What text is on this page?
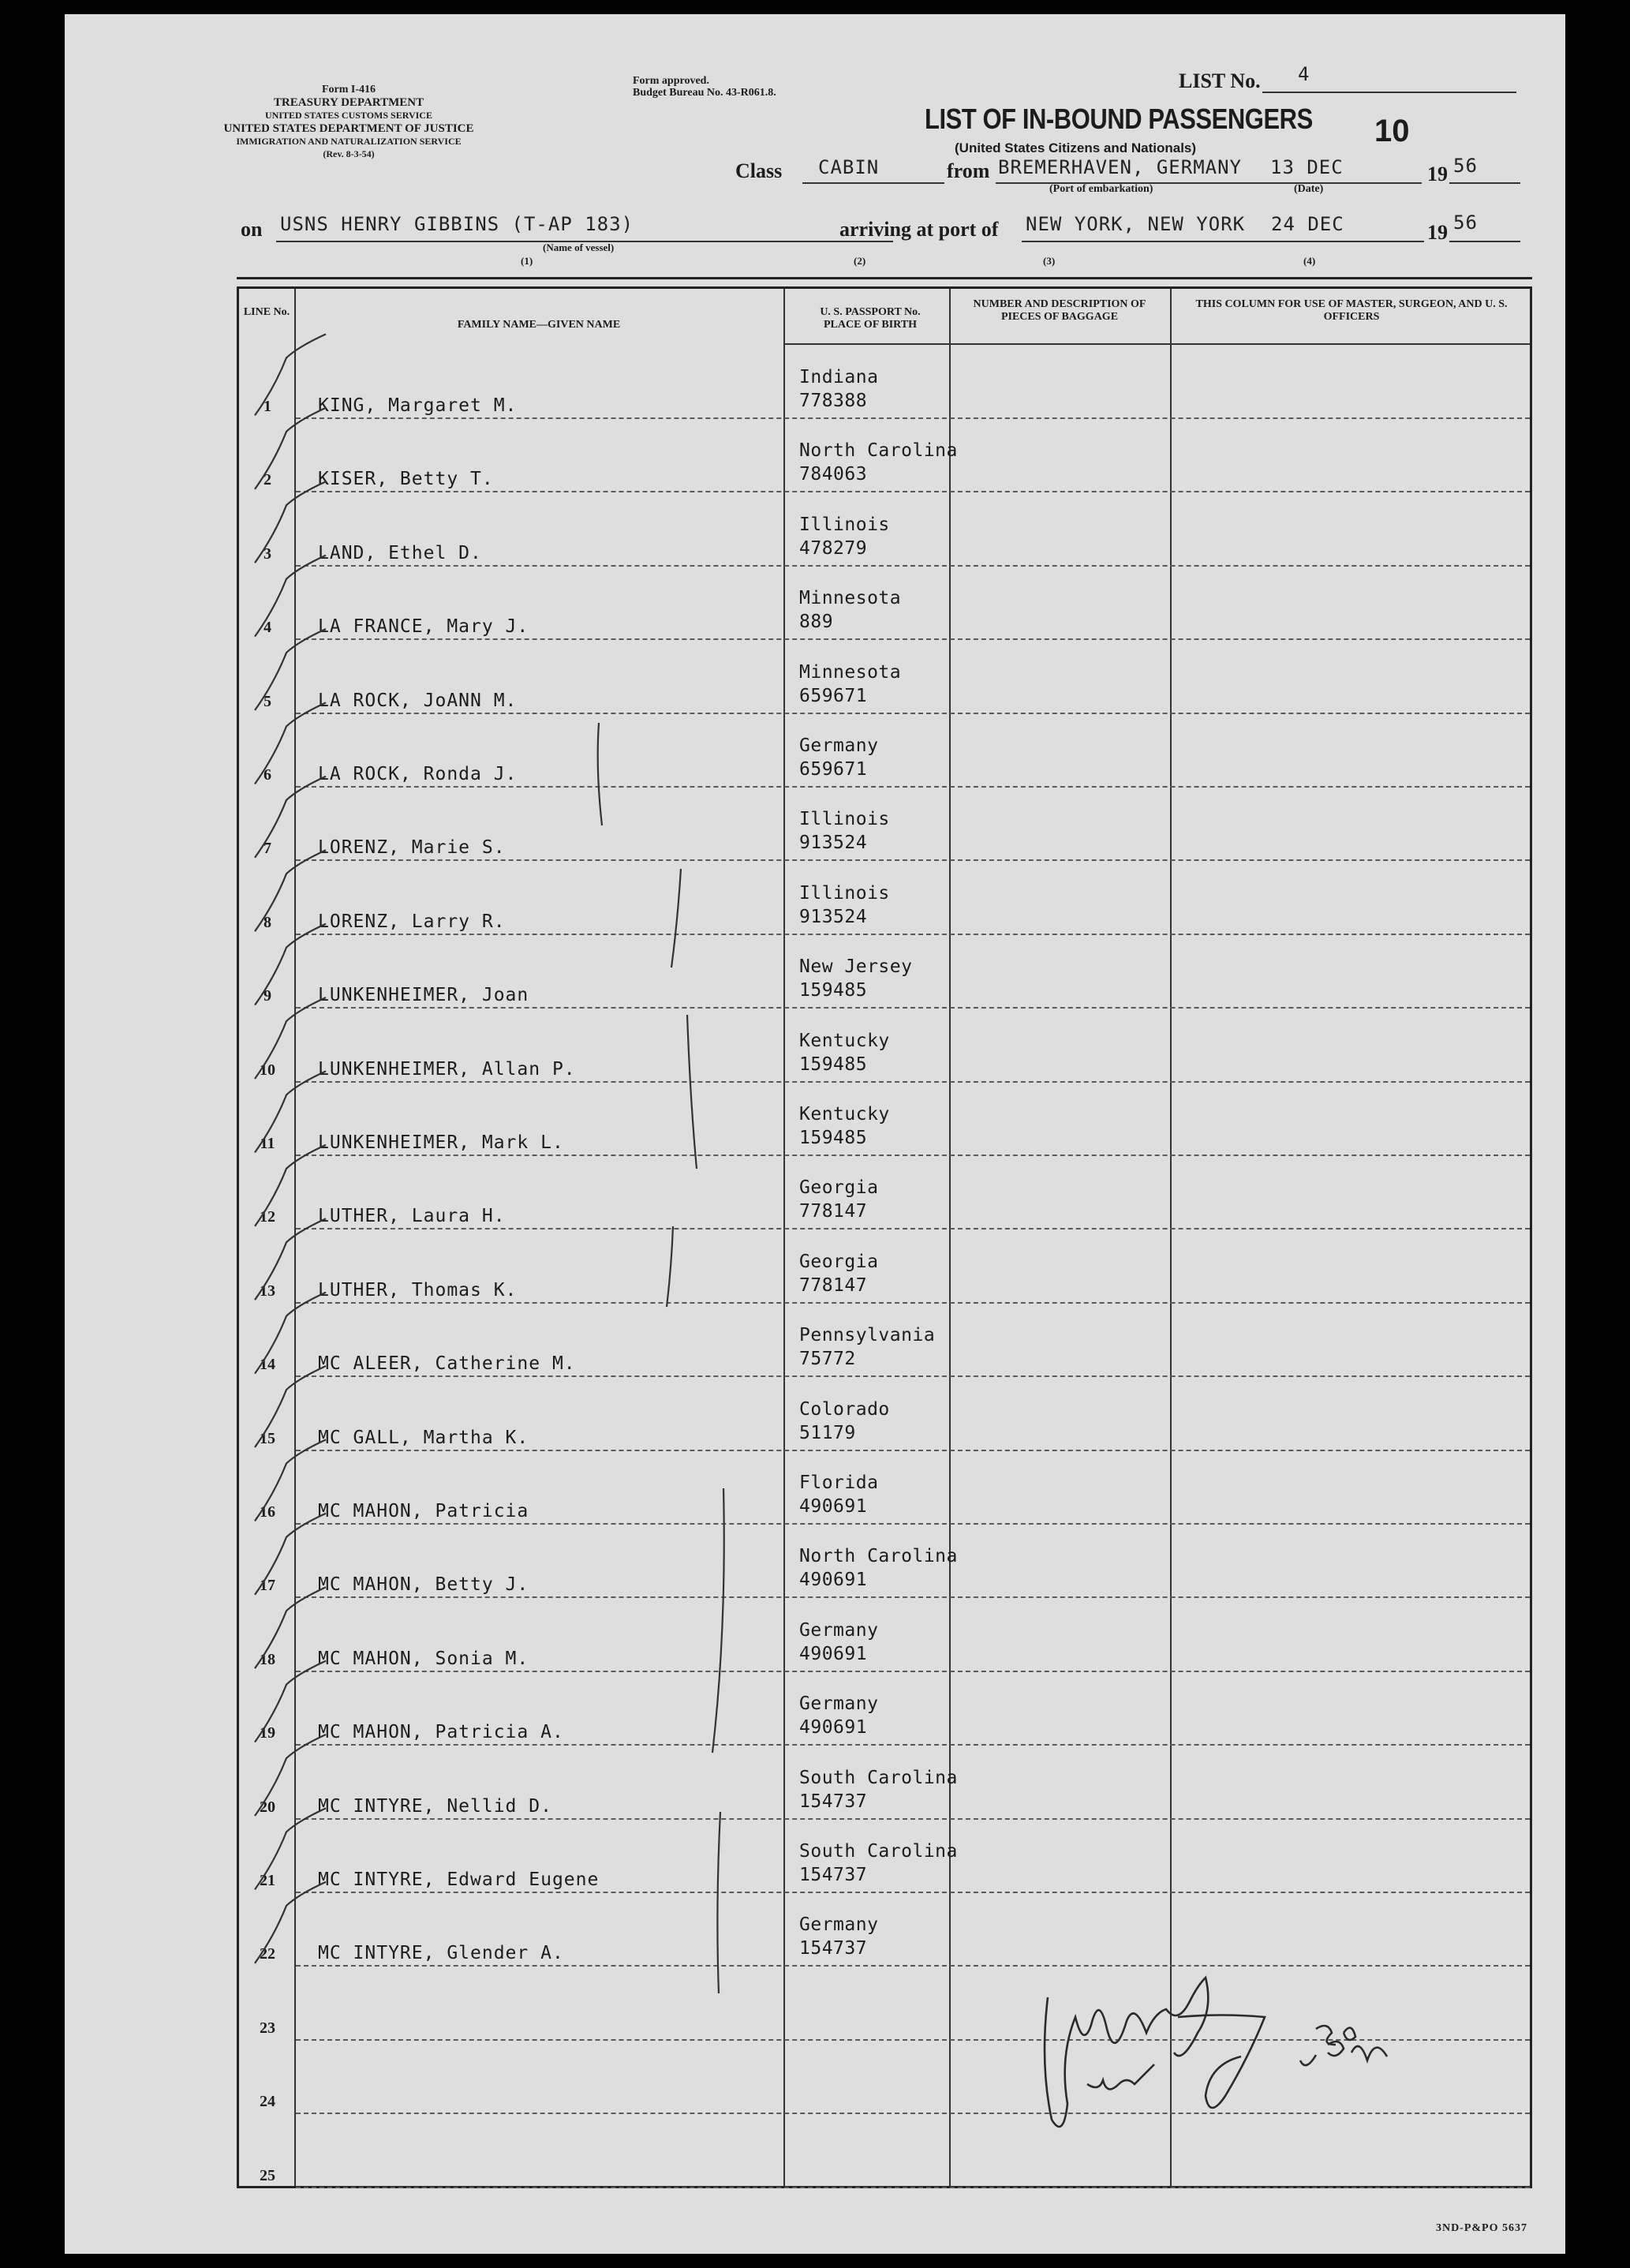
Form I-416
TREASURY DEPARTMENT
UNITED STATES CUSTOMS SERVICE
UNITED STATES DEPARTMENT OF JUSTICE
IMMIGRATION AND NATURALIZATION SERVICE
(Rev. 8-3-54)
Form approved.
Budget Bureau No. 43-R061.8.
LIST No. 4
LIST OF IN-BOUND PASSENGERS
(United States Citizens and Nationals)	10
Class CABIN	from BREMERHAVEN, GERMANY 13 DEC
(Port of embarkation)	(Date)
19 56
on USNS HENRY GIBBINS (T-AP 183)
(Name of vessel)
(1)
arriving at port of NEW YORK, NEW YORK 24 DEC	19 56
(2)	(3)	(4)
LINE No.
FAMILY NAME—GIVEN NAME
U. S. PASSPORT No. PLACE OF BIRTH
NUMBER AND DESCRIPTION OF PIECES OF BAGGAGE
THIS COLUMN FOR USE OF MASTER, SURGEON, AND U. S. OFFICERS
1	KING, Margaret M.
Indiana
778388
2	KISER, Betty T.
North Carolina
784063
3	LAND, Ethel D.
Illinois
478279
4	LA FRANCE, Mary J.
Minnesota
889
5	LA ROCK, JoANN M.
Minnesota
659671
6	LA ROCK, Ronda J.
Germany
659671
7	LORENZ, Marie S.
Illinois
913524
8	LORENZ, Larry R.
Illinois
913524
9	LUNKENHEIMER, Joan
New Jersey
159485
10	LUNKENHEIMER, Allan P.
Kentucky
159485
11	LUNKENHEIMER, Mark L.
Kentucky
159485
12	LUTHER, Laura H.
Georgia
778147
13	LUTHER, Thomas K.
Georgia
778147
14	MC ALEER, Catherine M.
Pennsylvania
75772
15	MC GALL, Martha K.
Colorado
51179
16	MC MAHON, Patricia
Florida
490691
17	MC MAHON, Betty J.
North Carolina
490691
18	MC MAHON, Sonia M.
Germany
490691
19	MC MAHON, Patricia A.
Germany
490691
20	MC INTYRE, Nellid D.
South Carolina
154737
21	MC INTYRE, Edward Eugene
South Carolina
154737
22	MC INTYRE, Glender A.
Germany
154737
23
24
25
3ND-P&PO 5637
